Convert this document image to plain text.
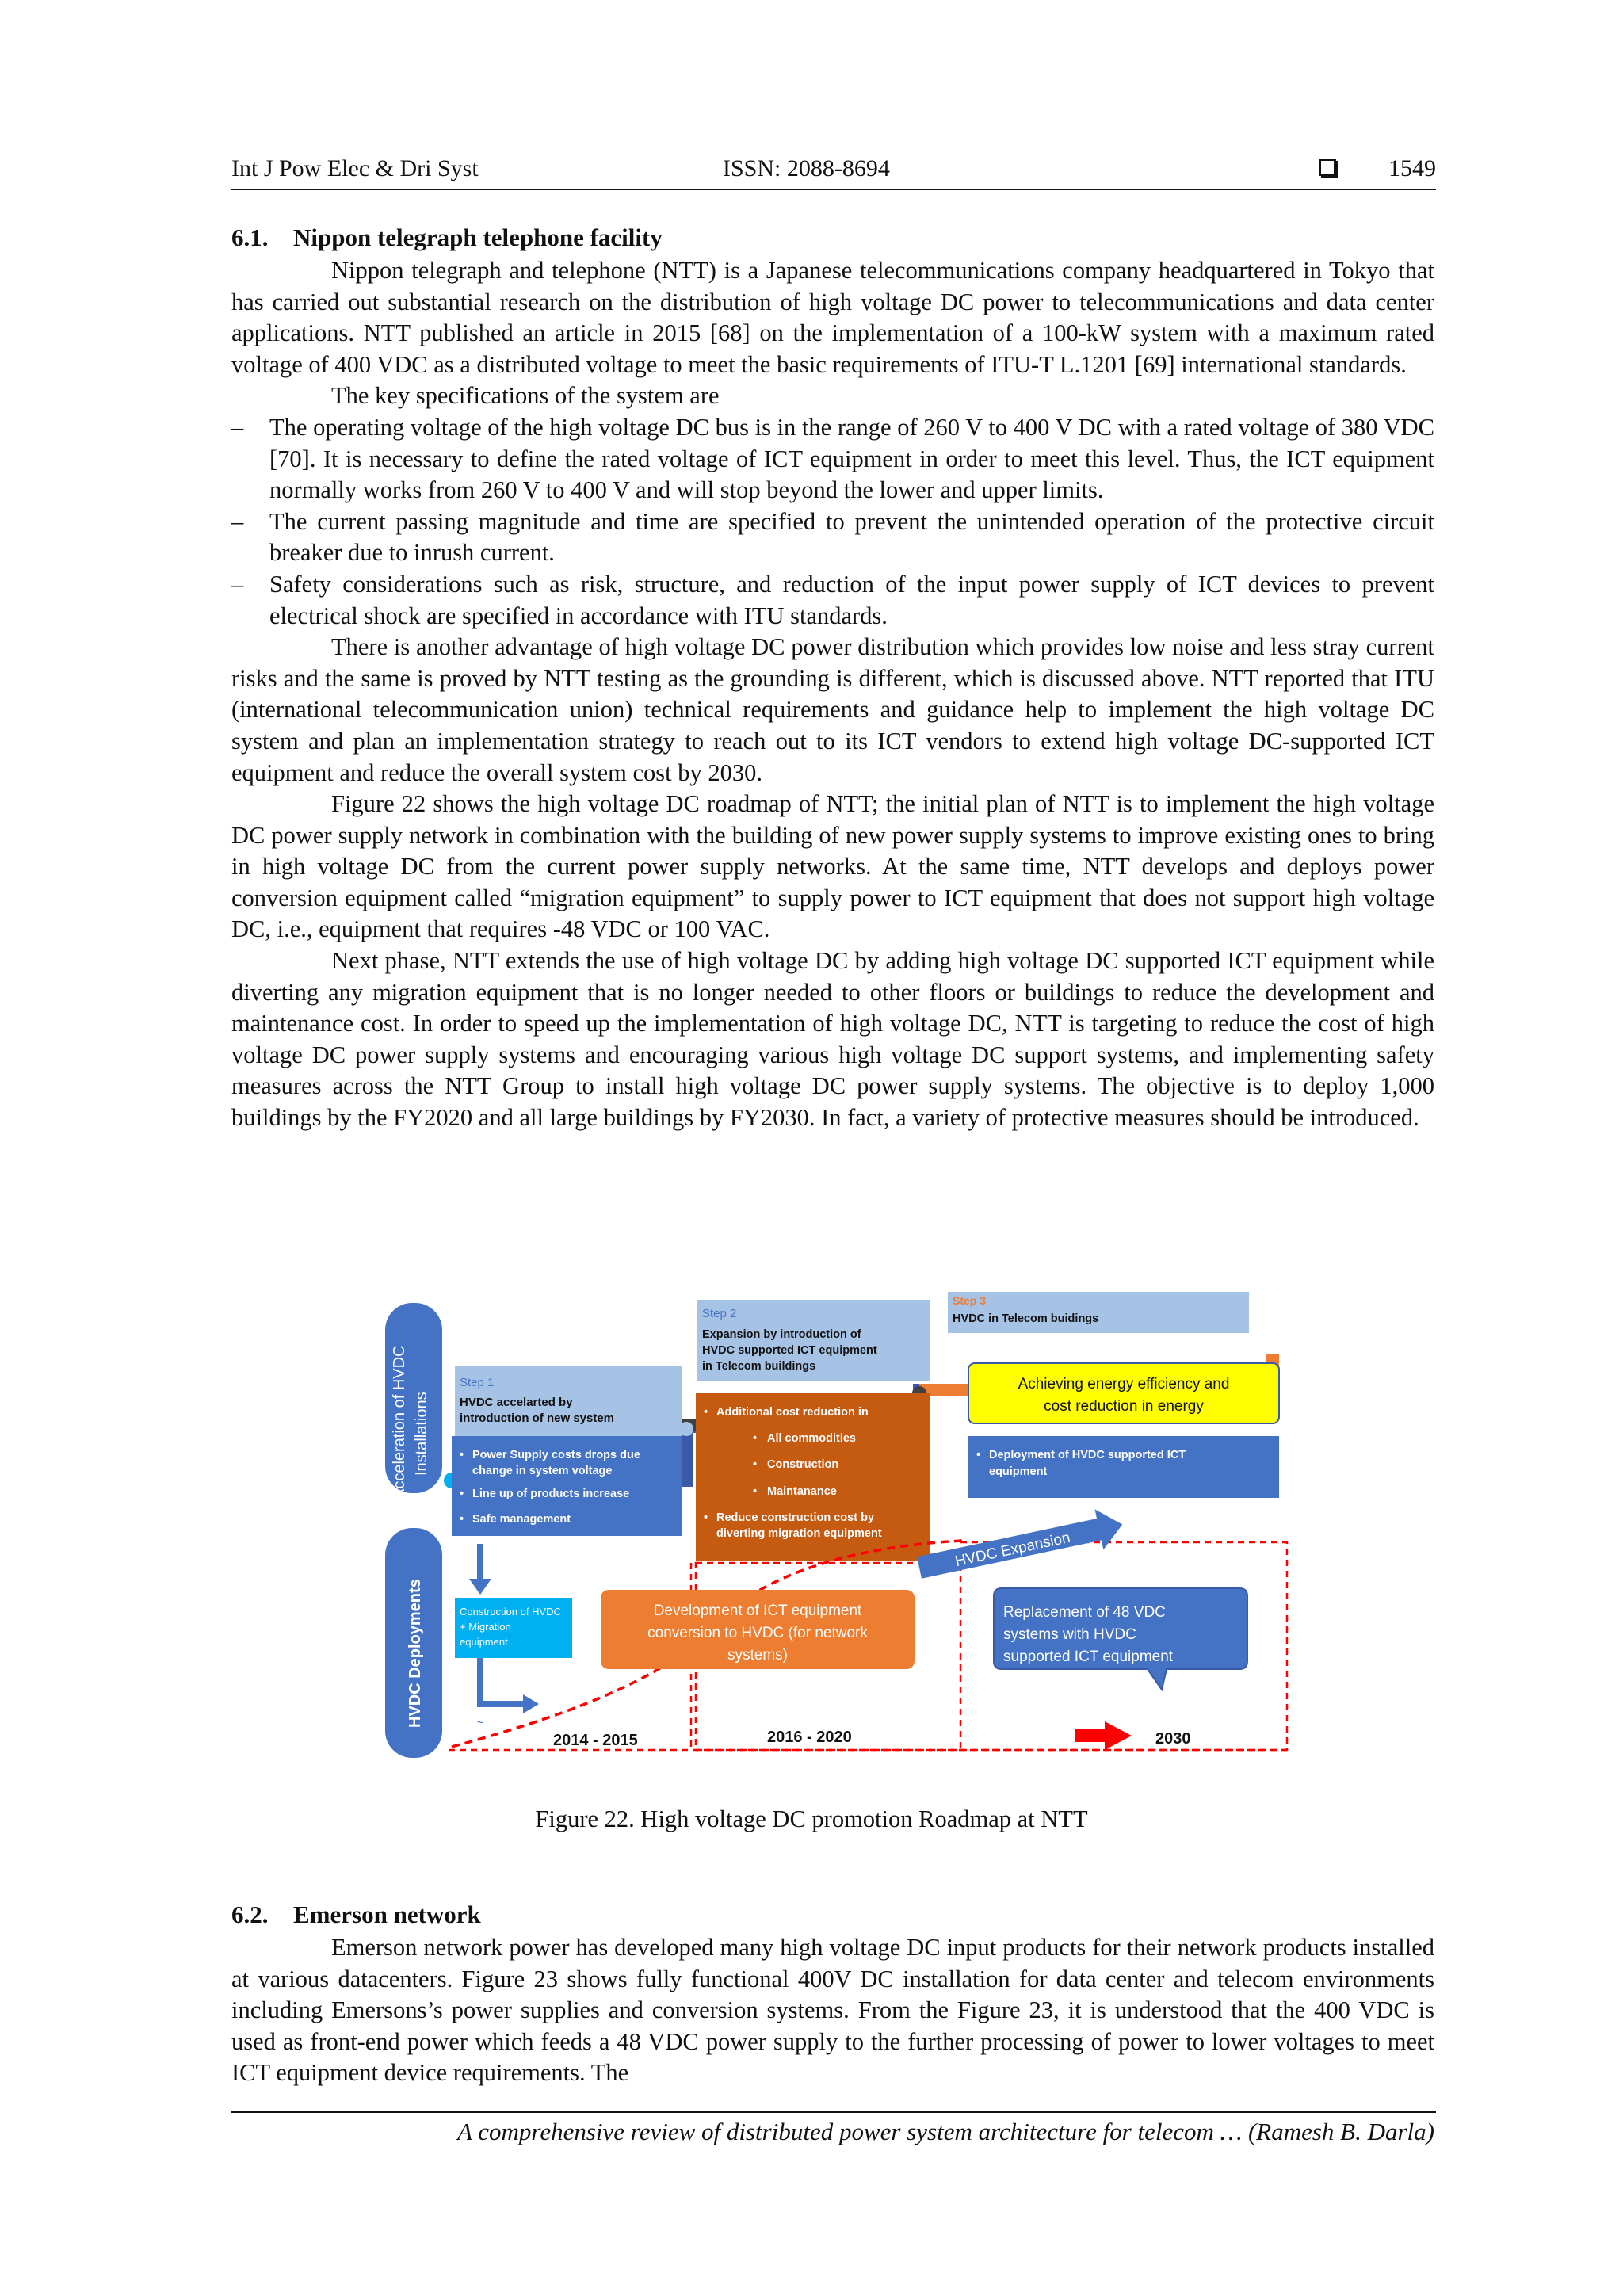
Int J Pow Elec & Dri Syst	ISSN: 2088-8694	1549
6.1. Nippon telegraph telephone facility

Nippon telegraph and telephone (NTT) is a Japanese telecommunications company headquartered in Tokyo that has carried out substantial research on the distribution of high voltage DC power to telecommunications and data center applications. NTT published an article in 2015 [68] on the implementation of a 100-kW system with a maximum rated voltage of 400 VDC as a distributed voltage to meet the basic requirements of ITU-T L.1201 [69] international standards.

The key specifications of the system are

– The operating voltage of the high voltage DC bus is in the range of 260 V to 400 V DC with a rated voltage of 380 VDC [70]. It is necessary to define the rated voltage of ICT equipment in order to meet this level. Thus, the ICT equipment normally works from 260 V to 400 V and will stop beyond the lower and upper limits.
– The current passing magnitude and time are specified to prevent the unintended operation of the protective circuit breaker due to inrush current.
– Safety considerations such as risk, structure, and reduction of the input power supply of ICT devices to prevent electrical shock are specified in accordance with ITU standards.

There is another advantage of high voltage DC power distribution which provides low noise and less stray current risks and the same is proved by NTT testing as the grounding is different, which is discussed above. NTT reported that ITU (international telecommunication union) technical requirements and guidance help to implement the high voltage DC system and plan an implementation strategy to reach out to its ICT vendors to extend high voltage DC-supported ICT equipment and reduce the overall system cost by 2030.

Figure 22 shows the high voltage DC roadmap of NTT; the initial plan of NTT is to implement the high voltage DC power supply network in combination with the building of new power supply systems to improve existing ones to bring in high voltage DC from the current power supply networks. At the same time, NTT develops and deploys power conversion equipment called “migration equipment” to supply power to ICT equipment that does not support high voltage DC, i.e., equipment that requires -48 VDC or 100 VAC.

Next phase, NTT extends the use of high voltage DC by adding high voltage DC supported ICT equipment while diverting any migration equipment that is no longer needed to other floors or buildings to reduce the development and maintenance cost. In order to speed up the implementation of high voltage DC, NTT is targeting to reduce the cost of high voltage DC power supply systems and encouraging various high voltage DC support systems, and implementing safety measures across the NTT Group to install high voltage DC power supply systems. The objective is to deploy 1,000 buildings by the FY2020 and all large buildings by FY2030. In fact, a variety of protective measures should be introduced.

Acceleration of HVDC Installations
HVDC Deployments
Step 1
HVDC accelarted by
introduction of new system
• Power Supply costs drops due
change in system voltage
• Line up of products increase
• Safe management
Step 2
Expansion by introduction of
HVDC supported ICT equipment
in Telecom buildings
• Additional cost reduction in
• All commodities
• Construction
• Maintanance
• Reduce construction cost by
diverting migration equipment
Step 3
HVDC in Telecom buidings
Achieving energy efficiency and
cost reduction in energy
• Deployment of HVDC supported ICT
equipment
~
Construction of HVDC
+ Migration
equipment
Development of ICT equipment
conversion to HVDC (for network
systems)
HVDC Expansion
Replacement of 48 VDC
systems with HVDC
supported ICT equipment
2014 - 2015	2016 - 2020	2030
Figure 22. High voltage DC promotion Roadmap at NTT
6.2. Emerson network

Emerson network power has developed many high voltage DC input products for their network products installed at various datacenters. Figure 23 shows fully functional 400V DC installation for data center and telecom environments including Emersons’s power supplies and conversion systems. From the Figure 23, it is understood that the 400 VDC is used as front-end power which feeds a 48 VDC power supply to the further processing of power to lower voltages to meet ICT equipment device requirements. The

A comprehensive review of distributed power system architecture for telecom … (Ramesh B. Darla)
